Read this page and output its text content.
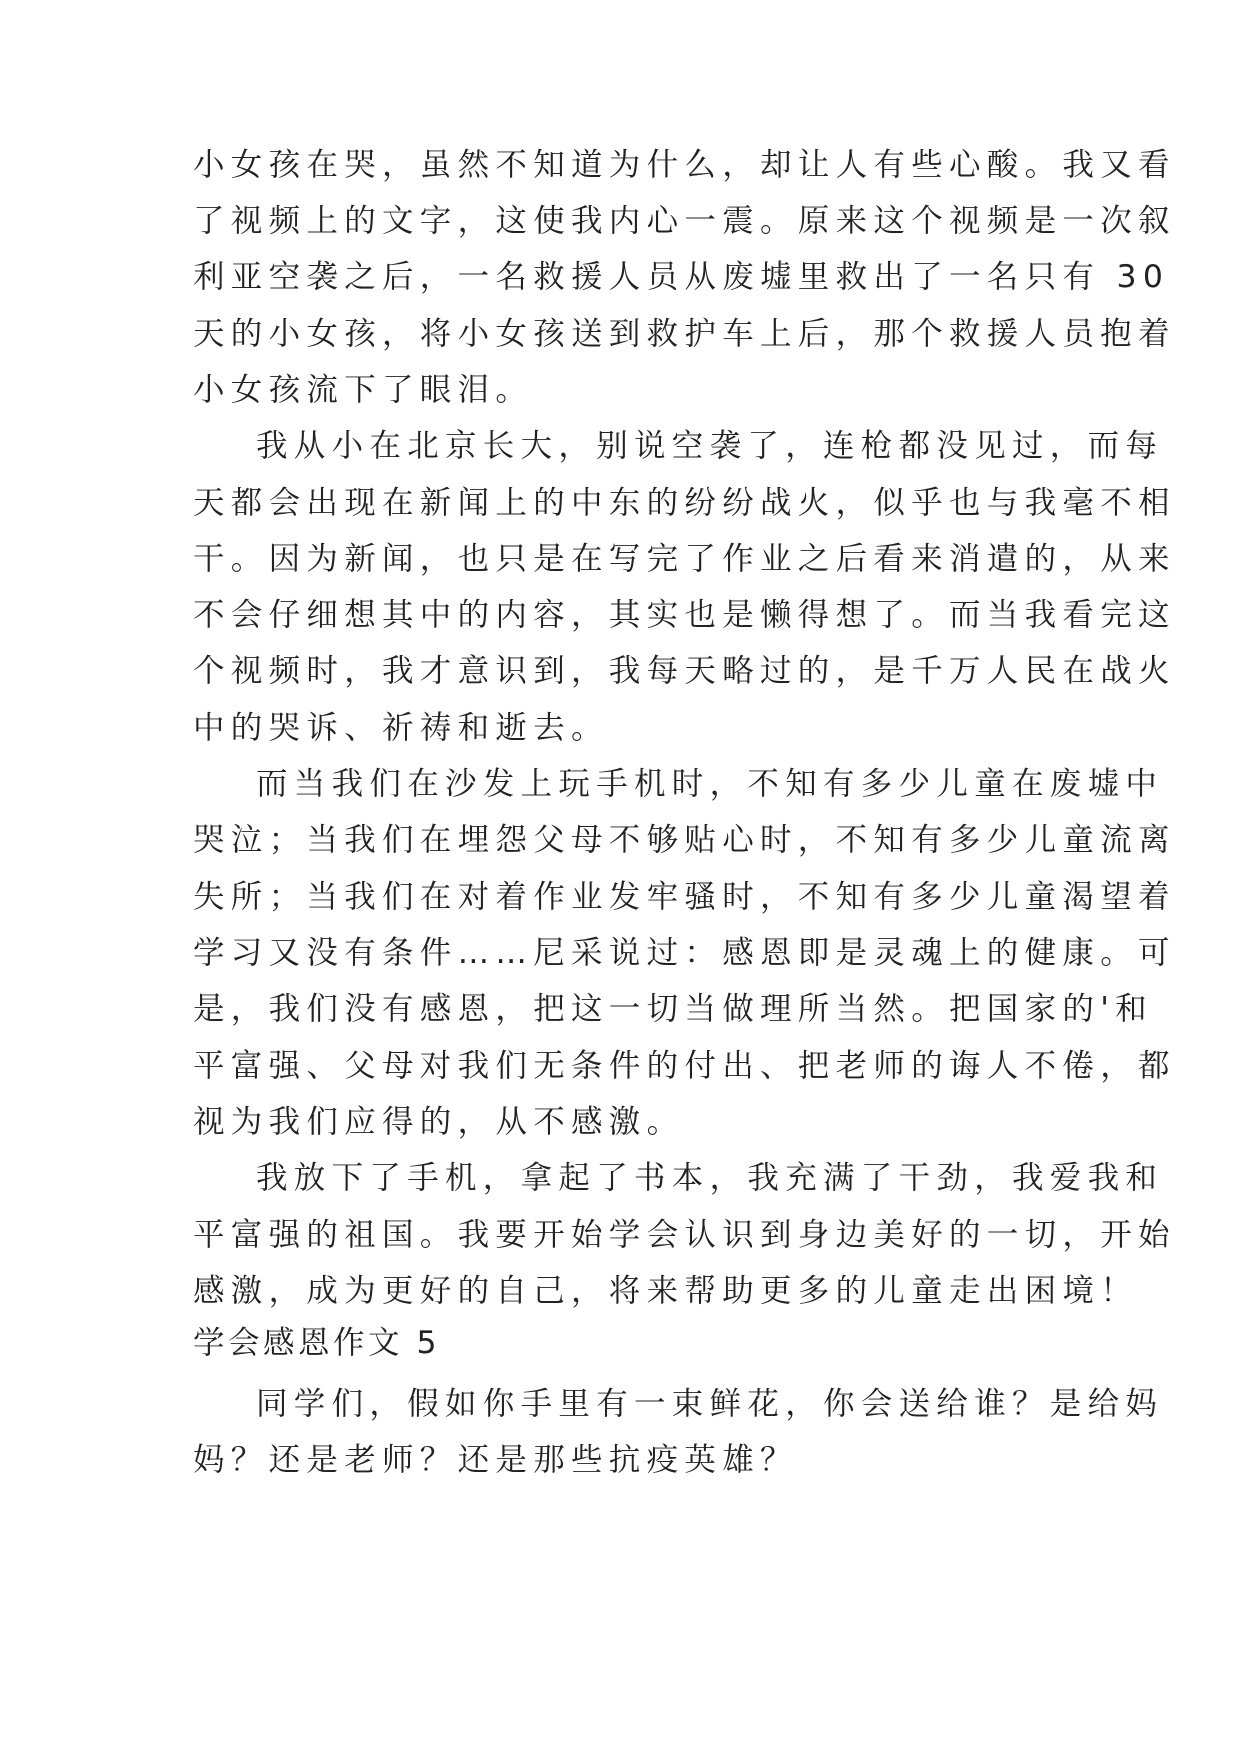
小女孩在哭，虽然不知道为什么，却让人有些心酸。我又看
了视频上的文字，这使我内心一震。原来这个视频是一次叙
利亚空袭之后，一名救援人员从废墟里救出了一名只有 30
天的小女孩，将小女孩送到救护车上后，那个救援人员抱着
小女孩流下了眼泪。
我从小在北京长大，别说空袭了，连枪都没见过，而每
天都会出现在新闻上的中东的纷纷战火，似乎也与我毫不相
干。因为新闻，也只是在写完了作业之后看来消遣的，从来
不会仔细想其中的内容，其实也是懒得想了。而当我看完这
个视频时，我才意识到，我每天略过的，是千万人民在战火
中的哭诉、祈祷和逝去。
而当我们在沙发上玩手机时，不知有多少儿童在废墟中
哭泣；当我们在埋怨父母不够贴心时，不知有多少儿童流离
失所；当我们在对着作业发牢骚时，不知有多少儿童渴望着
学习又没有条件……尼采说过：感恩即是灵魂上的健康。可
是，我们没有感恩，把这一切当做理所当然。把国家的'和
平富强、父母对我们无条件的付出、把老师的诲人不倦，都
视为我们应得的，从不感激。
我放下了手机，拿起了书本，我充满了干劲，我爱我和
平富强的祖国。我要开始学会认识到身边美好的一切，开始
感激，成为更好的自己，将来帮助更多的儿童走出困境！
学会感恩作文 5
同学们，假如你手里有一束鲜花，你会送给谁？是给妈
妈？还是老师？还是那些抗疫英雄？
